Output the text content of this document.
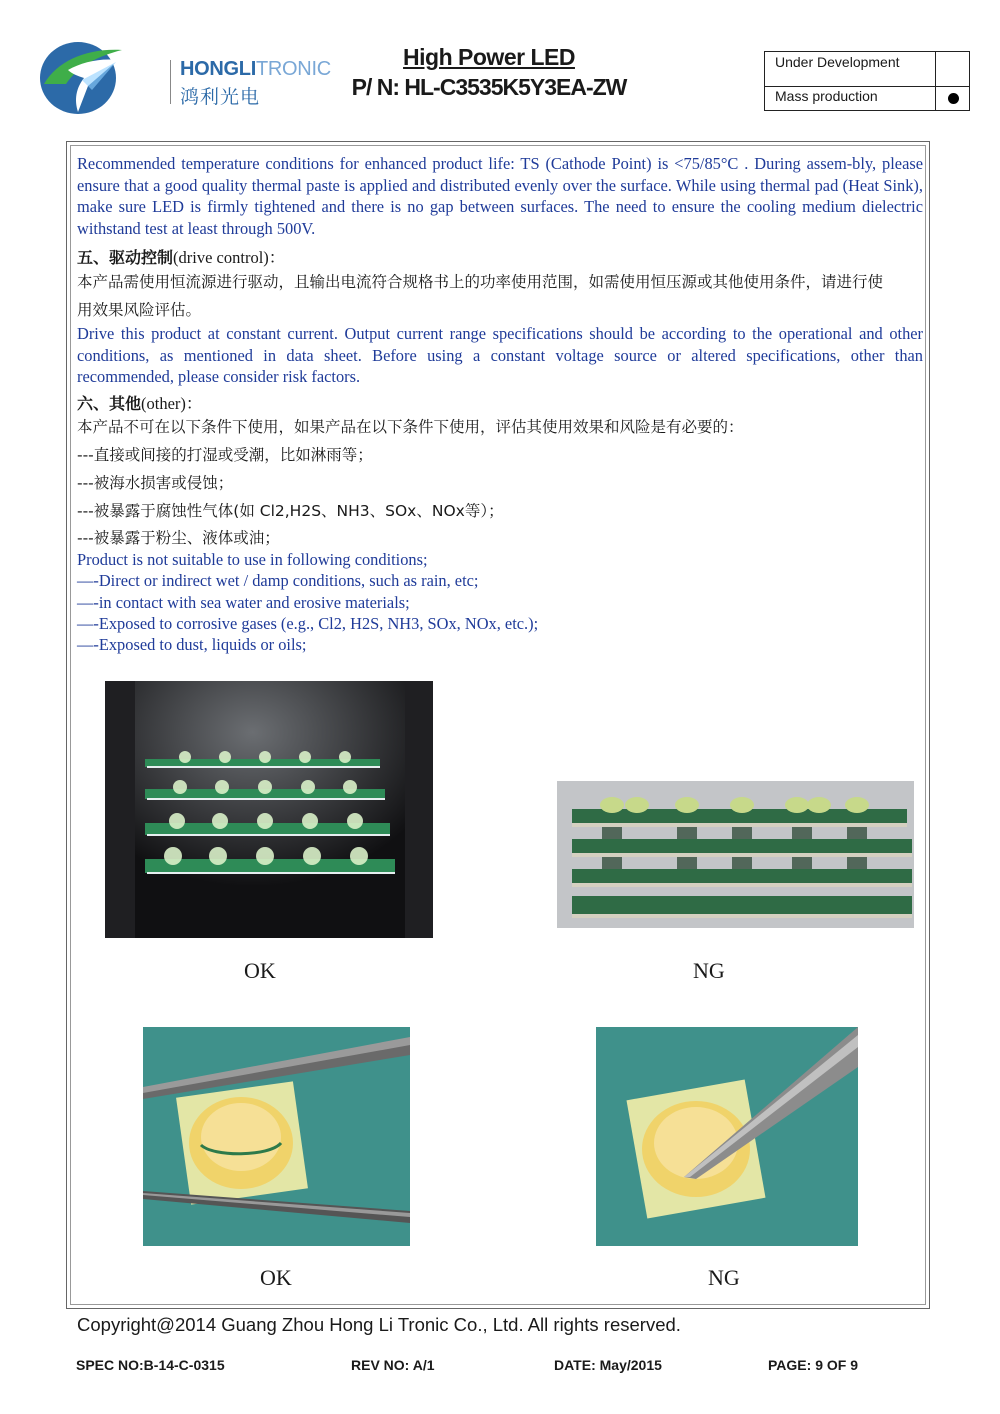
HONGLITRONIC
鸿利光电
High Power LED
P/ N: HL-C3535K5Y3EA-ZW
Under Development
Mass production
Recommended temperature conditions for enhanced product life: TS (Cathode Point) is <75/85°C . During assem-bly, please ensure that a good quality thermal paste is applied and distributed evenly over the surface. While using thermal pad (Heat Sink), make sure LED is firmly tightened and there is no gap between surfaces. The need to ensure the cooling medium dielectric withstand test at least through 500V.
五、驱动控制(drive control)：
本产品需使用恒流源进行驱动，且输出电流符合规格书上的功率使用范围，如需使用恒压源或其他使用条件，请进行使用效果风险评估。
Drive this product at constant current. Output current range specifications should be according to the operational and other conditions, as mentioned in data sheet. Before using a constant voltage source or altered specifications, other than recommended, please consider risk factors.
六、其他(other)：
本产品不可在以下条件下使用，如果产品在以下条件下使用，评估其使用效果和风险是有必要的：
---直接或间接的打湿或受潮，比如淋雨等；
---被海水损害或侵蚀；
---被暴露于腐蚀性气体(如 Cl2,H2S、NH3、SOx、NOx等）；
---被暴露于粉尘、液体或油；
Product is not suitable to use in following conditions;
—-Direct or indirect wet / damp conditions, such as rain, etc;
—-in contact with sea water and erosive materials;
—-Exposed to corrosive gases (e.g., Cl2, H2S, NH3, SOx, NOx, etc.);
—-Exposed to dust, liquids or oils;
OK	NG
OK	NG
Copyright@2014 Guang Zhou Hong Li Tronic Co., Ltd. All rights reserved.
SPEC NO:B-14-C-0315	REV NO: A/1	DATE: May/2015	PAGE: 9 OF 9
